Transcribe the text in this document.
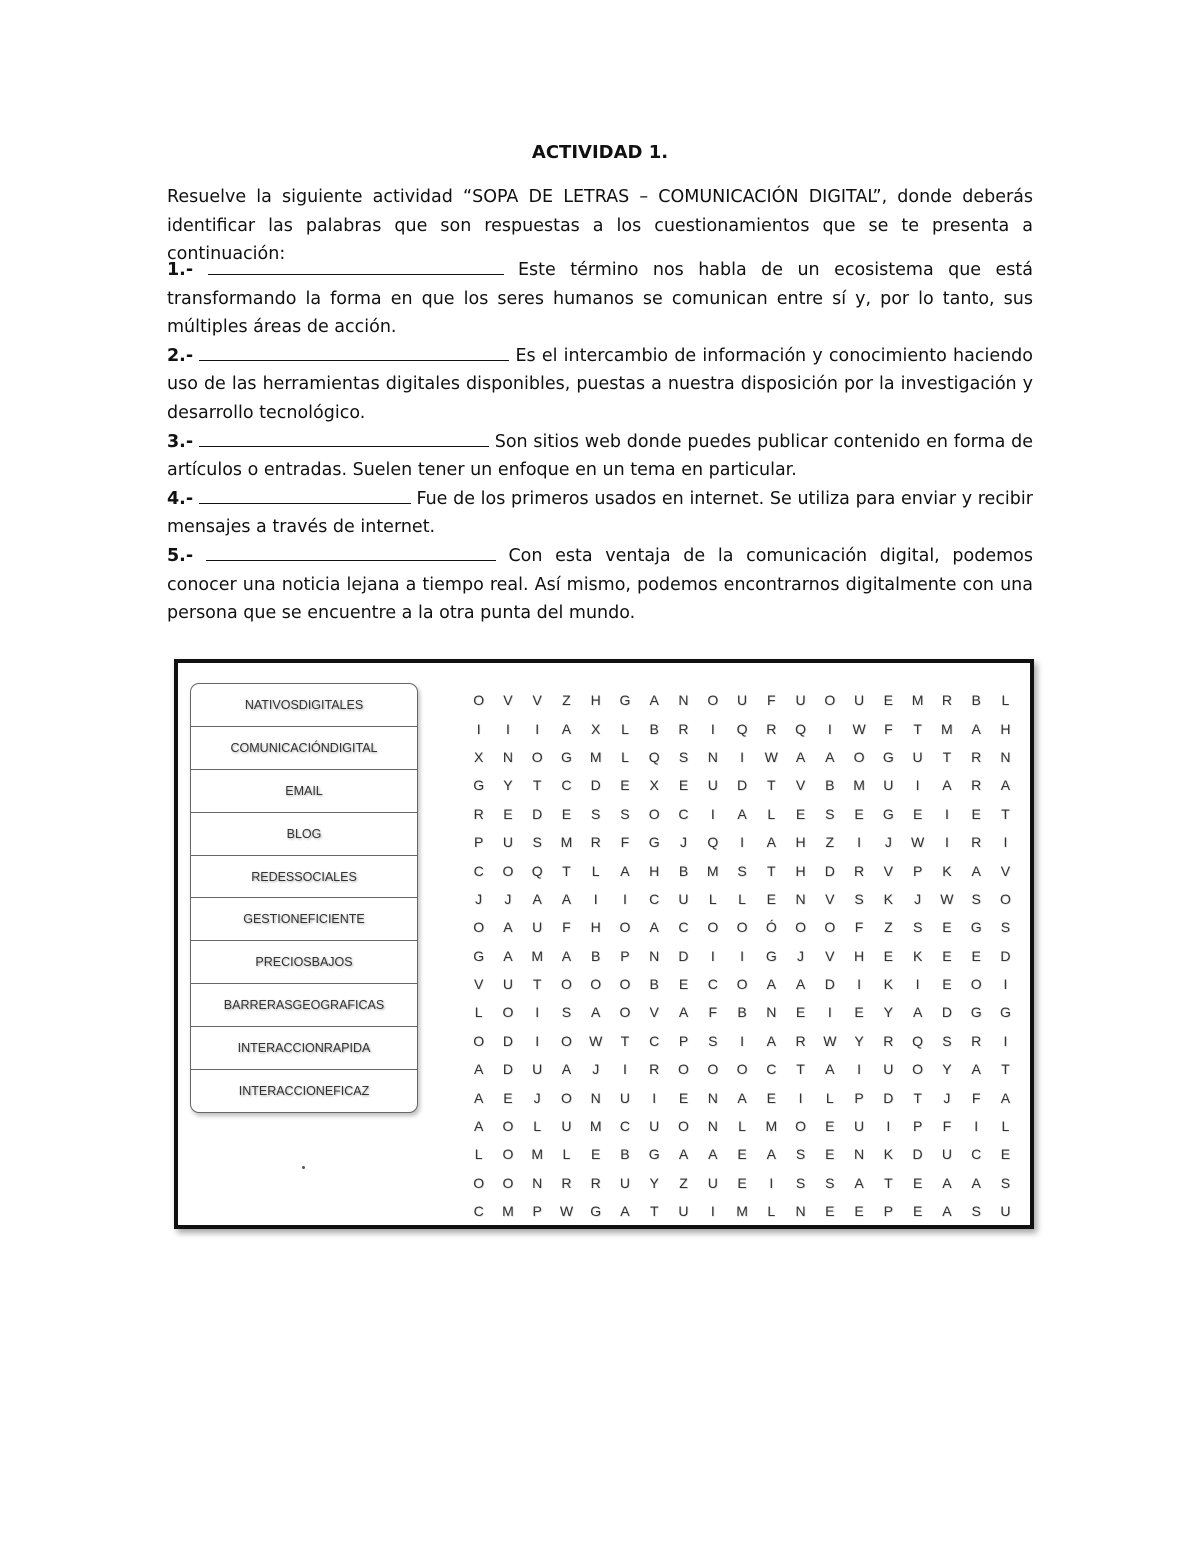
ACTIVIDAD 1.
Resuelve la siguiente actividad “SOPA DE LETRAS – COMUNICACIÓN DIGITAL”, donde deberás identificar las palabras que son respuestas a los cuestionamientos que se te presenta a continuación:

1.-	Este término nos habla de un ecosistema que está transformando la forma en que los seres humanos se comunican entre sí y, por lo tanto, sus múltiples áreas de acción.

2.-	Es el intercambio de información y conocimiento haciendo uso de las herramientas digitales disponibles, puestas a nuestra disposición por la investigación y desarrollo tecnológico.

3.-	Son sitios web donde puedes publicar contenido en forma de artículos o entradas. Suelen tener un enfoque en un tema en particular.

4.-	Fue de los primeros usados en internet. Se utiliza para enviar y recibir mensajes a través de internet.

5.-	Con esta ventaja de la comunicación digital, podemos conocer una noticia lejana a tiempo real. Así mismo, podemos encontrarnos digitalmente con una persona que se encuentre a la otra punta del mundo.

NATIVOSDIGITALES
COMUNICACIÓNDIGITAL
EMAIL
BLOG
REDESSOCIALES
GESTIONEFICIENTE
PRECIOSBAJOS
BARRERASGEOGRAFICAS
INTERACCIONRAPIDA
INTERACCIONEFICAZ
O	V	V	Z	H	G	A	N	O	U	F	U	O	U	E	M	R	B	L
I	I	I	A	X	L	B	R	I	Q	R	Q	I	W	F	T	M	A	H
X	N	O	G	M	L	Q	S	N	I	W	A	A	O	G	U	T	R	N
G	Y	T	C	D	E	X	E	U	D	T	V	B	M	U	I	A	R	A
R	E	D	E	S	S	O	C	I	A	L	E	S	E	G	E	I	E	T
P	U	S	M	R	F	G	J	Q	I	A	H	Z	I	J	W	I	R	I
C	O	Q	T	L	A	H	B	M	S	T	H	D	R	V	P	K	A	V
J	J	A	A	I	I	C	U	L	L	E	N	V	S	K	J	W	S	O
O	A	U	F	H	O	A	C	O	O	Ó	O	O	F	Z	S	E	G	S
G	A	M	A	B	P	N	D	I	I	G	J	V	H	E	K	E	E	D
V	U	T	O	O	O	B	E	C	O	A	A	D	I	K	I	E	O	I
L	O	I	S	A	O	V	A	F	B	N	E	I	E	Y	A	D	G	G
O	D	I	O	W	T	C	P	S	I	A	R	W	Y	R	Q	S	R	I
A	D	U	A	J	I	R	O	O	O	C	T	A	I	U	O	Y	A	T
A	E	J	O	N	U	I	E	N	A	E	I	L	P	D	T	J	F	A
A	O	L	U	M	C	U	O	N	L	M	O	E	U	I	P	F	I	L
L	O	M	L	E	B	G	A	A	E	A	S	E	N	K	D	U	C	E
O	O	N	R	R	U	Y	Z	U	E	I	S	S	A	T	E	A	A	S
C	M	P	W	G	A	T	U	I	M	L	N	E	E	P	E	A	S	U
